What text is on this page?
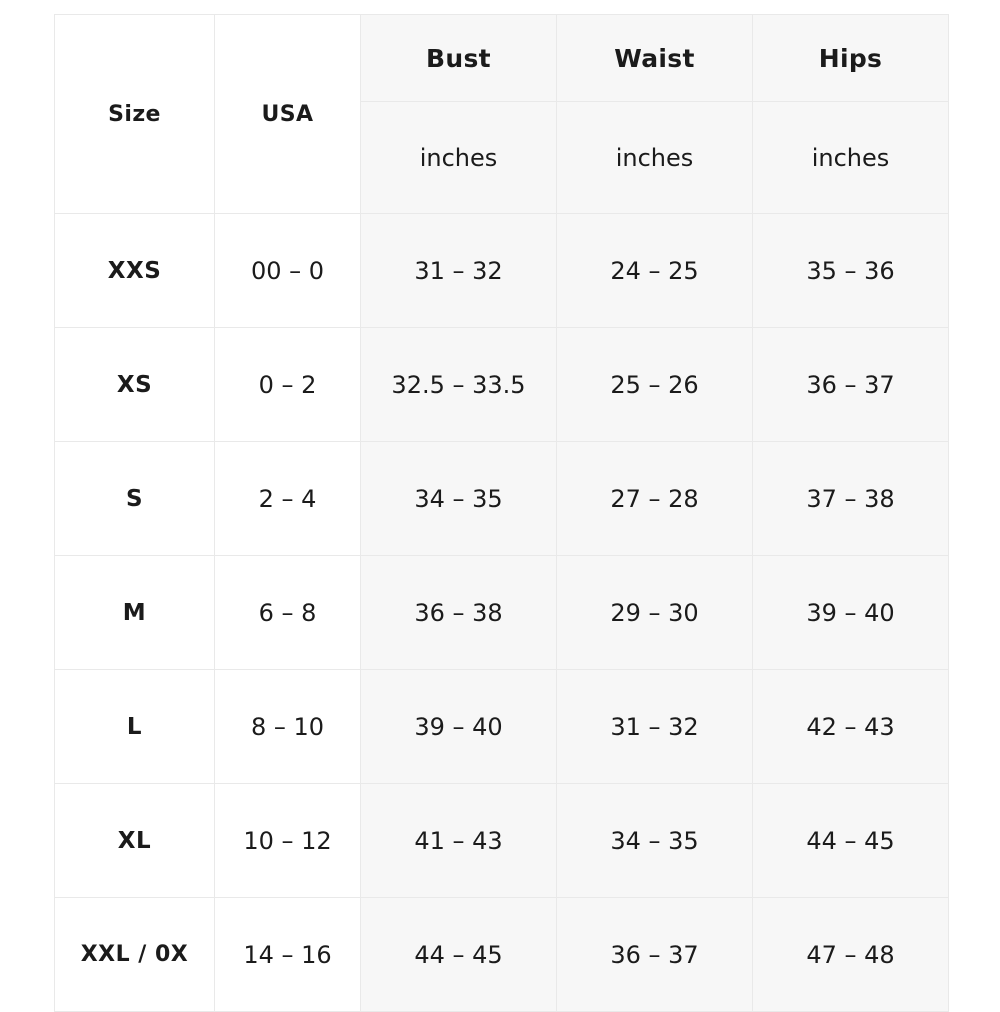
Size	USA	Bust	Waist	Hips
		inches	inches	inches
XXS	00 – 0	31 – 32	24 – 25	35 – 36
XS	0 – 2	32.5 – 33.5	25 – 26	36 – 37
S	2 – 4	34 – 35	27 – 28	37 – 38
M	6 – 8	36 – 38	29 – 30	39 – 40
L	8 – 10	39 – 40	31 – 32	42 – 43
XL	10 – 12	41 – 43	34 – 35	44 – 45
XXL / 0X	14 – 16	44 – 45	36 – 37	47 – 48
